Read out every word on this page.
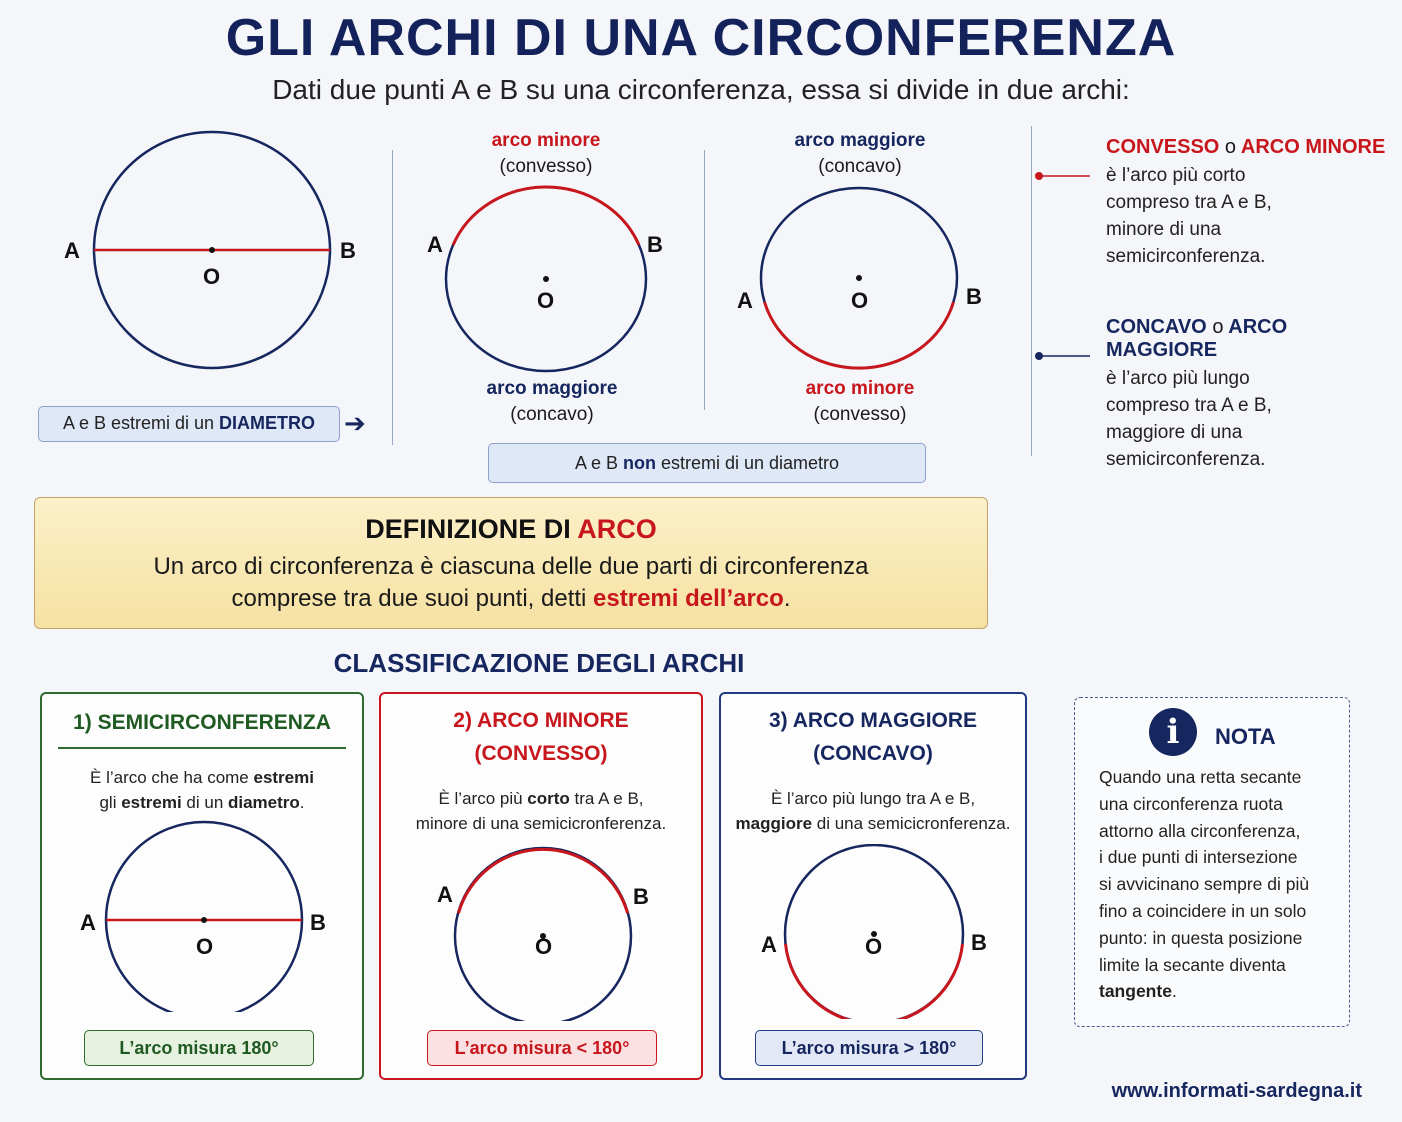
GLI ARCHI DI UNA CIRCONFERENZA
Dati due punti A e B su una circonferenza, essa si divide in due archi:
A	B
O
A e B estremi di un DIAMETRO	➔
arco minore
(convesso)
A	B
O
arco maggiore
(concavo)
arco maggiore
(concavo)
A	B
O
arco minore
(convesso)
A e B non estremi di un diametro
CONVESSO o ARCO MINORE
è l’arco più corto
compreso tra A e B,
minore di una
semicirconferenza.
CONCAVO o ARCO MAGGIORE
è l’arco più lungo
compreso tra A e B,
maggiore di una
semicirconferenza.
DEFINIZIONE DI ARCO
Un arco di circonferenza è ciascuna delle due parti di circonferenza
comprese tra due suoi punti, detti estremi dell’arco.
CLASSIFICAZIONE DEGLI ARCHI
1) SEMICIRCONFERENZA
È l’arco che ha come estremi
gli estremi di un diametro.
A	B
O
L’arco misura 180°
2) ARCO MINORE
(CONVESSO)
È l’arco più corto tra A e B,
minore di una semicicronferenza.
A	B
O
L’arco misura < 180°
3) ARCO MAGGIORE
(CONCAVO)
È l’arco più lungo tra A e B,
maggiore di una semicicronferenza.
A	B
O
L’arco misura > 180°
i	NOTA
Quando una retta secante
una circonferenza ruota
attorno alla circonferenza,
i due punti di intersezione
si avvicinano sempre di più
fino a coincidere in un solo
punto: in questa posizione
limite la secante diventa
tangente.
www.informati-sardegna.it
